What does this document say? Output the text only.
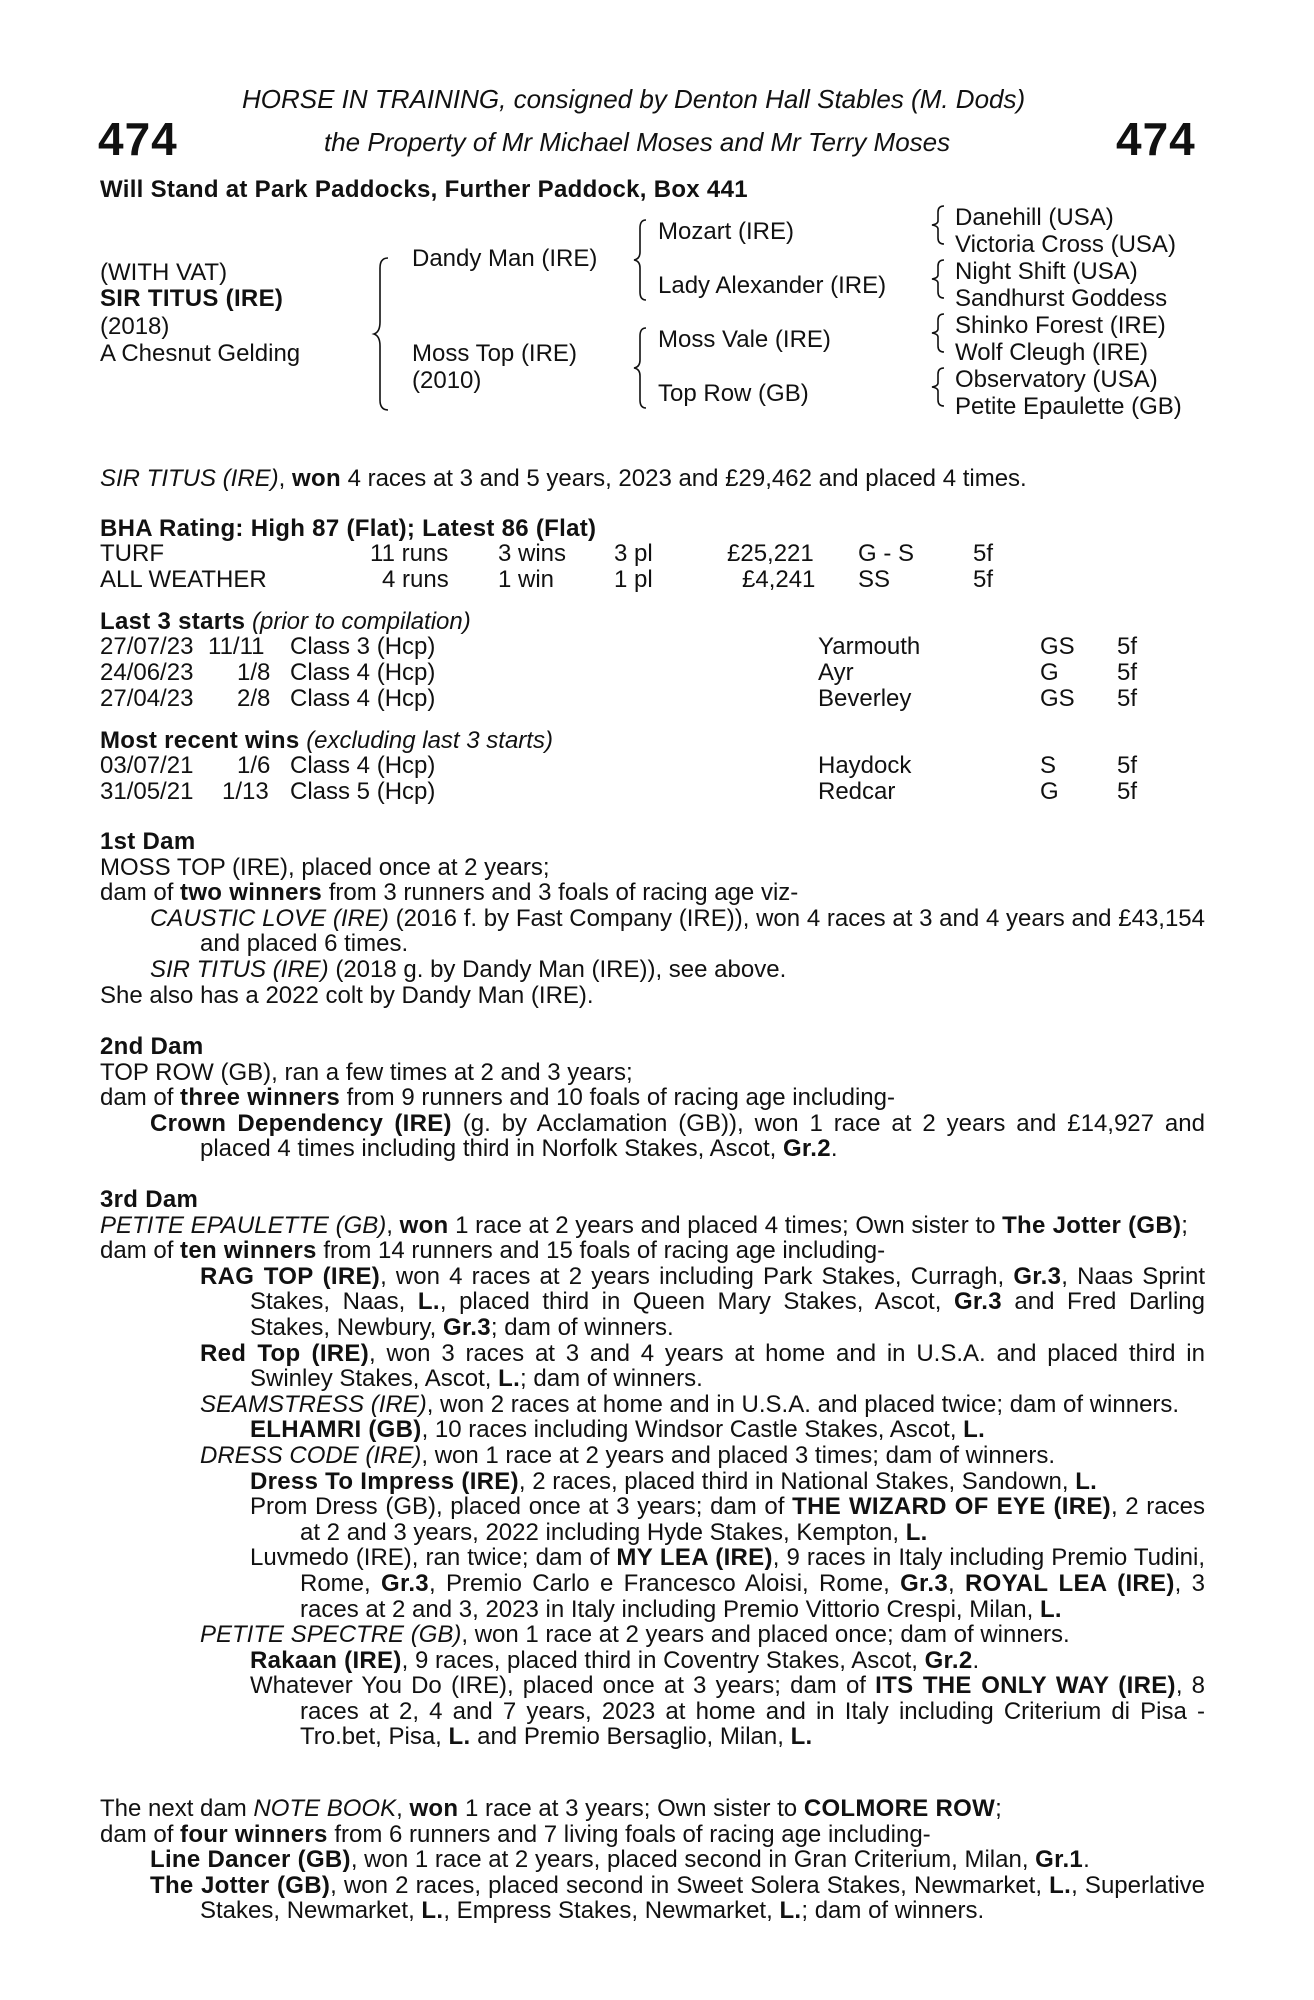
HORSE IN TRAINING, consigned by Denton Hall Stables (M. Dods)
474	the Property of Mr Michael Moses and Mr Terry Moses	474
Will Stand at Park Paddocks, Further Paddock, Box 441
(WITH VAT)
SIR TITUS (IRE)
(2018)
A Chesnut Gelding
Dandy Man (IRE)
Moss Top (IRE)
(2010)
Mozart (IRE)
Lady Alexander (IRE)
Moss Vale (IRE)
Top Row (GB)
Danehill (USA)
Victoria Cross (USA)
Night Shift (USA)
Sandhurst Goddess
Shinko Forest (IRE)
Wolf Cleugh (IRE)
Observatory (USA)
Petite Epaulette (GB)
SIR TITUS (IRE), won 4 races at 3 and 5 years, 2023 and £29,462 and placed 4 times.
BHA Rating: High 87 (Flat); Latest 86 (Flat)
TURF	11 runs 3 wins 3 pl	£25,221 G - S 5f
ALL WEATHER	4 runs 1 win 1 pl	£4,241 SS	5f
Last 3 starts (prior to compilation)
27/07/23 11/11 Class 3 (Hcp)	Yarmouth	GS 5f
24/06/23 1/8 Class 4 (Hcp)	Ayr	G 5f
27/04/23 2/8 Class 4 (Hcp)	Beverley	GS 5f
Most recent wins (excluding last 3 starts)
03/07/21 1/6 Class 4 (Hcp)	Haydock	S	5f
31/05/21 1/13 Class 5 (Hcp)	Redcar	G 5f

1st Dam

MOSS TOP (IRE), placed once at 2 years;

dam of two winners from 3 runners and 3 foals of racing age viz-

CAUSTIC LOVE (IRE) (2016 f. by Fast Company (IRE)), won 4 races at 3 and 4 years and £43,154 and placed 6 times.

SIR TITUS (IRE) (2018 g. by Dandy Man (IRE)), see above.

She also has a 2022 colt by Dandy Man (IRE).

2nd Dam

TOP ROW (GB), ran a few times at 2 and 3 years;

dam of three winners from 9 runners and 10 foals of racing age including-

Crown Dependency (IRE) (g. by Acclamation (GB)), won 1 race at 2 years and £14,927 and placed 4 times including third in Norfolk Stakes, Ascot, Gr.2.

3rd Dam

PETITE EPAULETTE (GB), won 1 race at 2 years and placed 4 times; Own sister to The Jotter (GB);

dam of ten winners from 14 runners and 15 foals of racing age including-

RAG TOP (IRE), won 4 races at 2 years including Park Stakes, Curragh, Gr.3, Naas Sprint Stakes, Naas, L., placed third in Queen Mary Stakes, Ascot, Gr.3 and Fred Darling Stakes, Newbury, Gr.3; dam of winners.

Red Top (IRE), won 3 races at 3 and 4 years at home and in U.S.A. and placed third in Swinley Stakes, Ascot, L.; dam of winners.

SEAMSTRESS (IRE), won 2 races at home and in U.S.A. and placed twice; dam of winners.

ELHAMRI (GB), 10 races including Windsor Castle Stakes, Ascot, L.

DRESS CODE (IRE), won 1 race at 2 years and placed 3 times; dam of winners.

Dress To Impress (IRE), 2 races, placed third in National Stakes, Sandown, L.

Prom Dress (GB), placed once at 3 years; dam of THE WIZARD OF EYE (IRE), 2 races at 2 and 3 years, 2022 including Hyde Stakes, Kempton, L.

Luvmedo (IRE), ran twice; dam of MY LEA (IRE), 9 races in Italy including Premio Tudini, Rome, Gr.3, Premio Carlo e Francesco Aloisi, Rome, Gr.3, ROYAL LEA (IRE), 3 races at 2 and 3, 2023 in Italy including Premio Vittorio Crespi, Milan, L.

PETITE SPECTRE (GB), won 1 race at 2 years and placed once; dam of winners.

Rakaan (IRE), 9 races, placed third in Coventry Stakes, Ascot, Gr.2.

Whatever You Do (IRE), placed once at 3 years; dam of ITS THE ONLY WAY (IRE), 8 races at 2, 4 and 7 years, 2023 at home and in Italy including Criterium di Pisa - Tro.bet, Pisa, L. and Premio Bersaglio, Milan, L.

The next dam NOTE BOOK, won 1 race at 3 years; Own sister to COLMORE ROW;

dam of four winners from 6 runners and 7 living foals of racing age including-

Line Dancer (GB), won 1 race at 2 years, placed second in Gran Criterium, Milan, Gr.1.

The Jotter (GB), won 2 races, placed second in Sweet Solera Stakes, Newmarket, L., Superlative Stakes, Newmarket, L., Empress Stakes, Newmarket, L.; dam of winners.
